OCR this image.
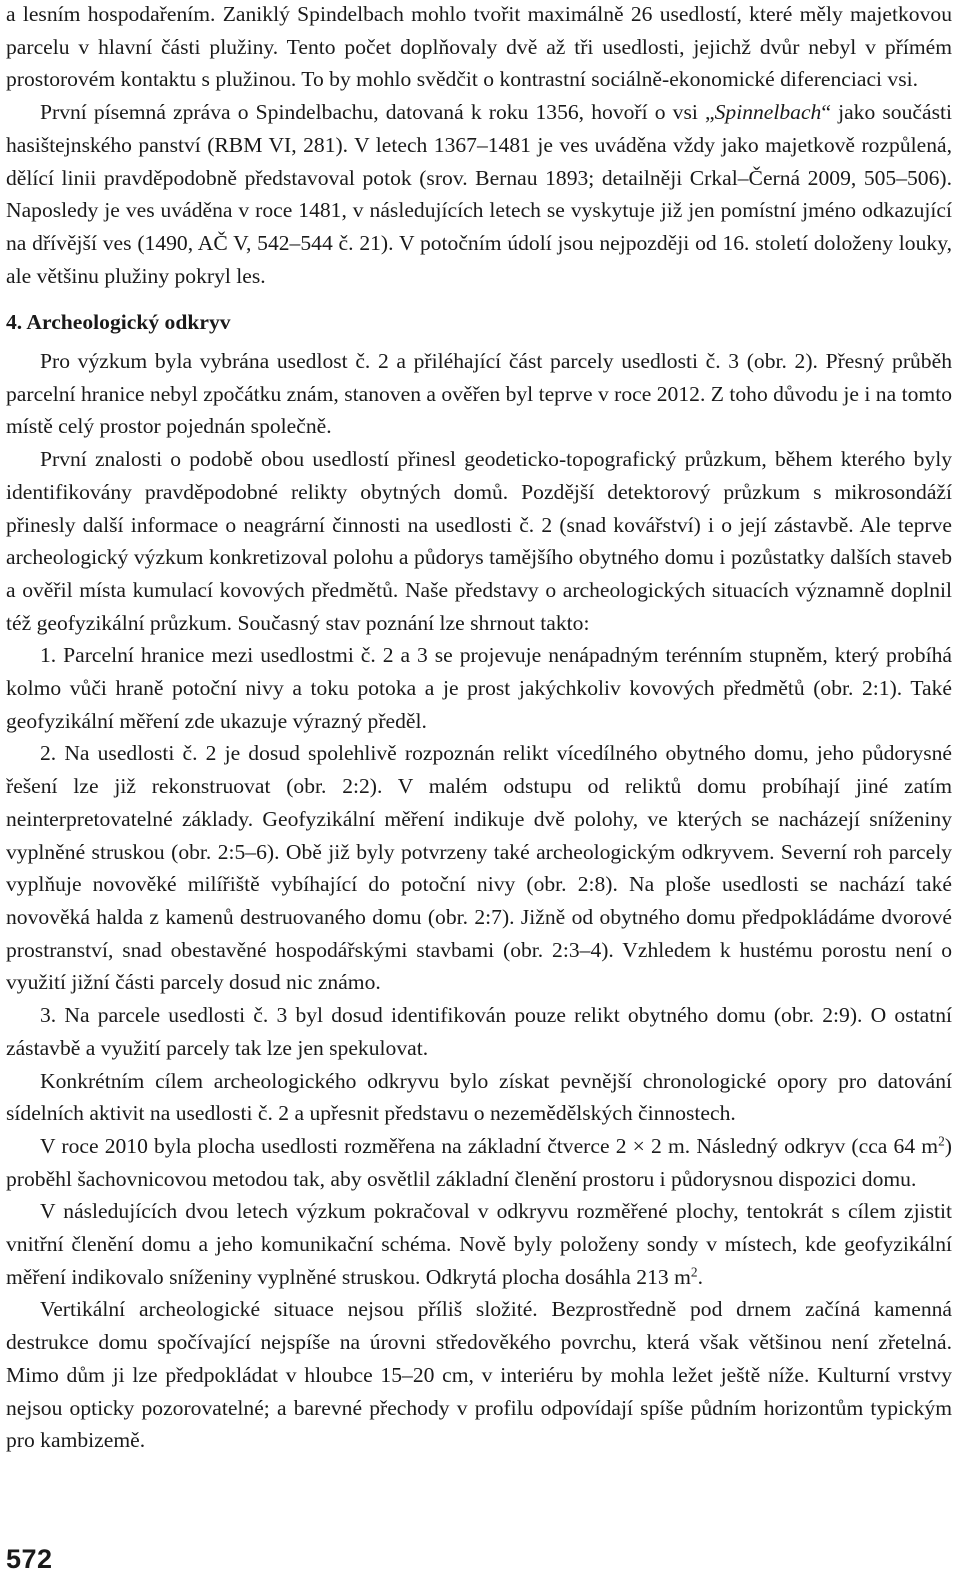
a lesním hospodařením. Zaniklý Spindelbach mohlo tvořit maximálně 26 usedlostí, které měly majetkovou parcelu v hlavní části plužiny. Tento počet doplňovaly dvě až tři usedlosti, jejichž dvůr nebyl v přímém prostorovém kontaktu s plužinou. To by mohlo svědčit o kontrastní sociálně-ekonomické diferenciaci vsi.

První písemná zpráva o Spindelbachu, datovaná k roku 1356, hovoří o vsi „Spinnelbach“ jako součásti hasištejnského panství (RBM VI, 281). V letech 1367–1481 je ves uváděna vždy jako majetkově rozpůlená, dělící linii pravděpodobně představoval potok (srov. Bernau 1893; detailněji Crkal–Černá 2009, 505–506). Naposledy je ves uváděna v roce 1481, v následujících letech se vyskytuje již jen pomístní jméno odkazující na dřívější ves (1490, AČ V, 542–544 č. 21). V potočním údolí jsou nejpozději od 16. století doloženy louky, ale většinu plužiny pokryl les.

4. Archeologický odkryv

Pro výzkum byla vybrána usedlost č. 2 a přiléhající část parcely usedlosti č. 3 (obr. 2). Přesný průběh parcelní hranice nebyl zpočátku znám, stanoven a ověřen byl teprve v roce 2012. Z toho důvodu je i na tomto místě celý prostor pojednán společně.

První znalosti o podobě obou usedlostí přinesl geodeticko-topografický průzkum, během kterého byly identifikovány pravděpodobné relikty obytných domů. Pozdější detektorový průzkum s mikrosondáží přinesly další informace o neagrární činnosti na usedlosti č. 2 (snad kovářství) i o její zástavbě. Ale teprve archeologický výzkum konkretizoval polohu a půdorys tamějšího obytného domu i pozůstatky dalších staveb a ověřil místa kumulací kovových předmětů. Naše představy o archeologických situacích významně doplnil též geofyzikální průzkum. Současný stav poznání lze shrnout takto:

1. Parcelní hranice mezi usedlostmi č. 2 a 3 se projevuje nenápadným terénním stupněm, který probíhá kolmo vůči hraně potoční nivy a toku potoka a je prost jakýchkoliv kovových předmětů (obr. 2:1). Také geofyzikální měření zde ukazuje výrazný předěl.

2. Na usedlosti č. 2 je dosud spolehlivě rozpoznán relikt vícedílného obytného domu, jeho půdorysné řešení lze již rekonstruovat (obr. 2:2). V malém odstupu od reliktů domu probíhají jiné zatím neinterpretovatelné základy. Geofyzikální měření indikuje dvě polohy, ve kterých se nacházejí sníženiny vyplněné struskou (obr. 2:5–6). Obě již byly potvrzeny také archeologickým odkryvem. Severní roh parcely vyplňuje novověké milířiště vybíhající do potoční nivy (obr. 2:8). Na ploše usedlosti se nachází také novověká halda z kamenů destruovaného domu (obr. 2:7). Jižně od obytného domu předpokládáme dvorové prostranství, snad obestavěné hospodářskými stavbami (obr. 2:3–4). Vzhledem k hustému porostu není o využití jižní části parcely dosud nic známo.

3. Na parcele usedlosti č. 3 byl dosud identifikován pouze relikt obytného domu (obr. 2:9). O ostatní zástavbě a využití parcely tak lze jen spekulovat.

Konkrétním cílem archeologického odkryvu bylo získat pevnější chronologické opory pro datování sídelních aktivit na usedlosti č. 2 a upřesnit představu o nezemědělských činnostech.

V roce 2010 byla plocha usedlosti rozměřena na základní čtverce 2 × 2 m. Následný odkryv (cca 64 $m^2$) proběhl šachovnicovou metodou tak, aby osvětlil základní členění prostoru i půdorysnou dispozici domu.

V následujících dvou letech výzkum pokračoval v odkryvu rozměřené plochy, tentokrát s cílem zjistit vnitřní členění domu a jeho komunikační schéma. Nově byly položeny sondy v místech, kde geofyzikální měření indikovalo sníženiny vyplněné struskou. Odkrytá plocha dosáhla 213 $m^2$.

Vertikální archeologické situace nejsou příliš složité. Bezprostředně pod drnem začíná kamenná destrukce domu spočívající nejspíše na úrovni středověkého povrchu, která však většinou není zřetelná. Mimo dům ji lze předpokládat v hloubce 15–20 cm, v interiéru by mohla ležet ještě níže. Kulturní vrstvy nejsou opticky pozorovatelné; a barevné přechody v profilu odpovídají spíše půdním horizontům typickým pro kambizemě.

572
